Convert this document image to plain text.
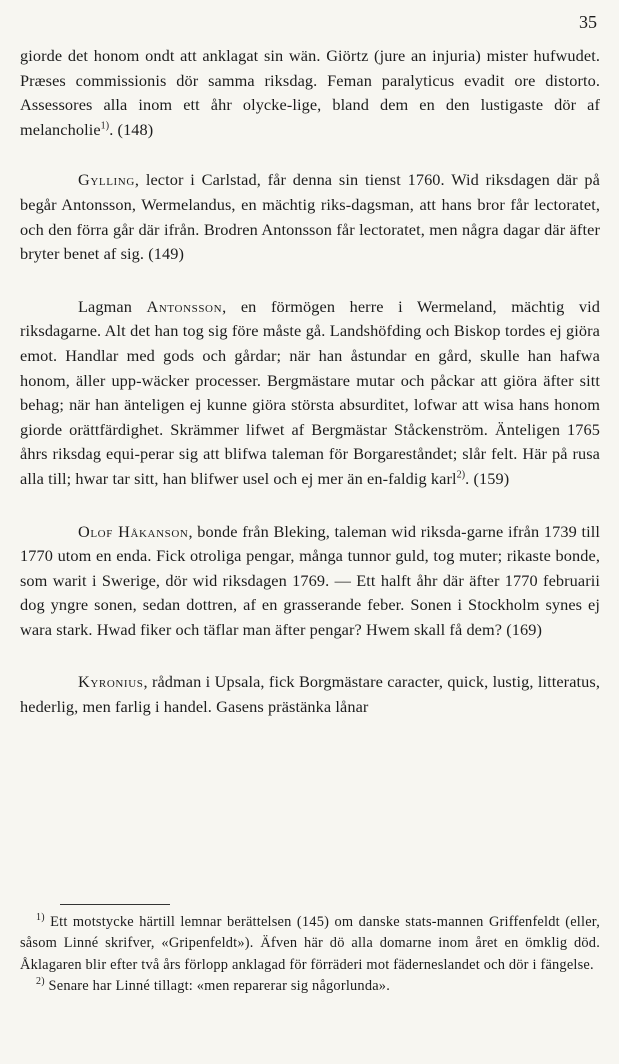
35

giorde det honom ondt att anklagat sin wän. Giörtz (jure an injuria) mister hufwudet. Præses commissionis dör samma riksdag. Feman paralyticus evadit ore distorto. Assessores alla inom ett åhr olycke-lige, bland dem en den lustigaste dör af melancholie$^{1)}$. (148)

Gylling, lector i Carlstad, får denna sin tienst 1760. Wid riksdagen där på begår Antonsson, Wermelandus, en mächtig riks-dagsman, att hans bror får lectoratet, och den förra går där ifrån. Brodren Antonsson får lectoratet, men några dagar där äfter bryter benet af sig. (149)

Lagman Antonsson, en förmögen herre i Wermeland, mächtig vid riksdagarne. Alt det han tog sig före måste gå. Landshöfding och Biskop tordes ej giöra emot. Handlar med gods och gårdar; när han åstundar en gård, skulle han hafwa honom, äller upp-wäcker processer. Bergmästare mutar och påckar att giöra äfter sitt behag; när han änteligen ej kunne giöra största absurditet, lofwar att wisa hans honom giorde orättfärdighet. Skrämmer lifwet af Bergmästar Ståckenström. Änteligen 1765 åhrs riksdag equi-perar sig att blifwa taleman för Borgareståndet; slår felt. Här på rusa alla till; hwar tar sitt, han blifwer usel och ej mer än en-faldig karl$^{2)}$. (159)

Olof Håkanson, bonde från Bleking, taleman wid riksda-garne ifrån 1739 till 1770 utom en enda. Fick otroliga pengar, många tunnor guld, tog muter; rikaste bonde, som warit i Swerige, dör wid riksdagen 1769. — Ett halft åhr där äfter 1770 februarii dog yngre sonen, sedan dottren, af en grasserande feber. Sonen i Stockholm synes ej wara stark. Hwad fiker och täflar man äfter pengar? Hwem skall få dem? (169)

Kyronius, rådman i Upsala, fick Borgmästare caracter, quick, lustig, litteratus, hederlig, men farlig i handel. Gasens prästänka lånar

$^{1)}$ Ett motstycke härtill lemnar berättelsen (145) om danske stats-mannen Griffenfeldt (eller, såsom Linné skrifver, «Gripenfeldt»). Äfven här dö alla domarne inom året en ömklig död. Åklagaren blir efter två års förlopp anklagad för förräderi mot fäderneslandet och dör i fängelse.

$^{2)}$ Senare har Linné tillagt: «men reparerar sig någorlunda».
